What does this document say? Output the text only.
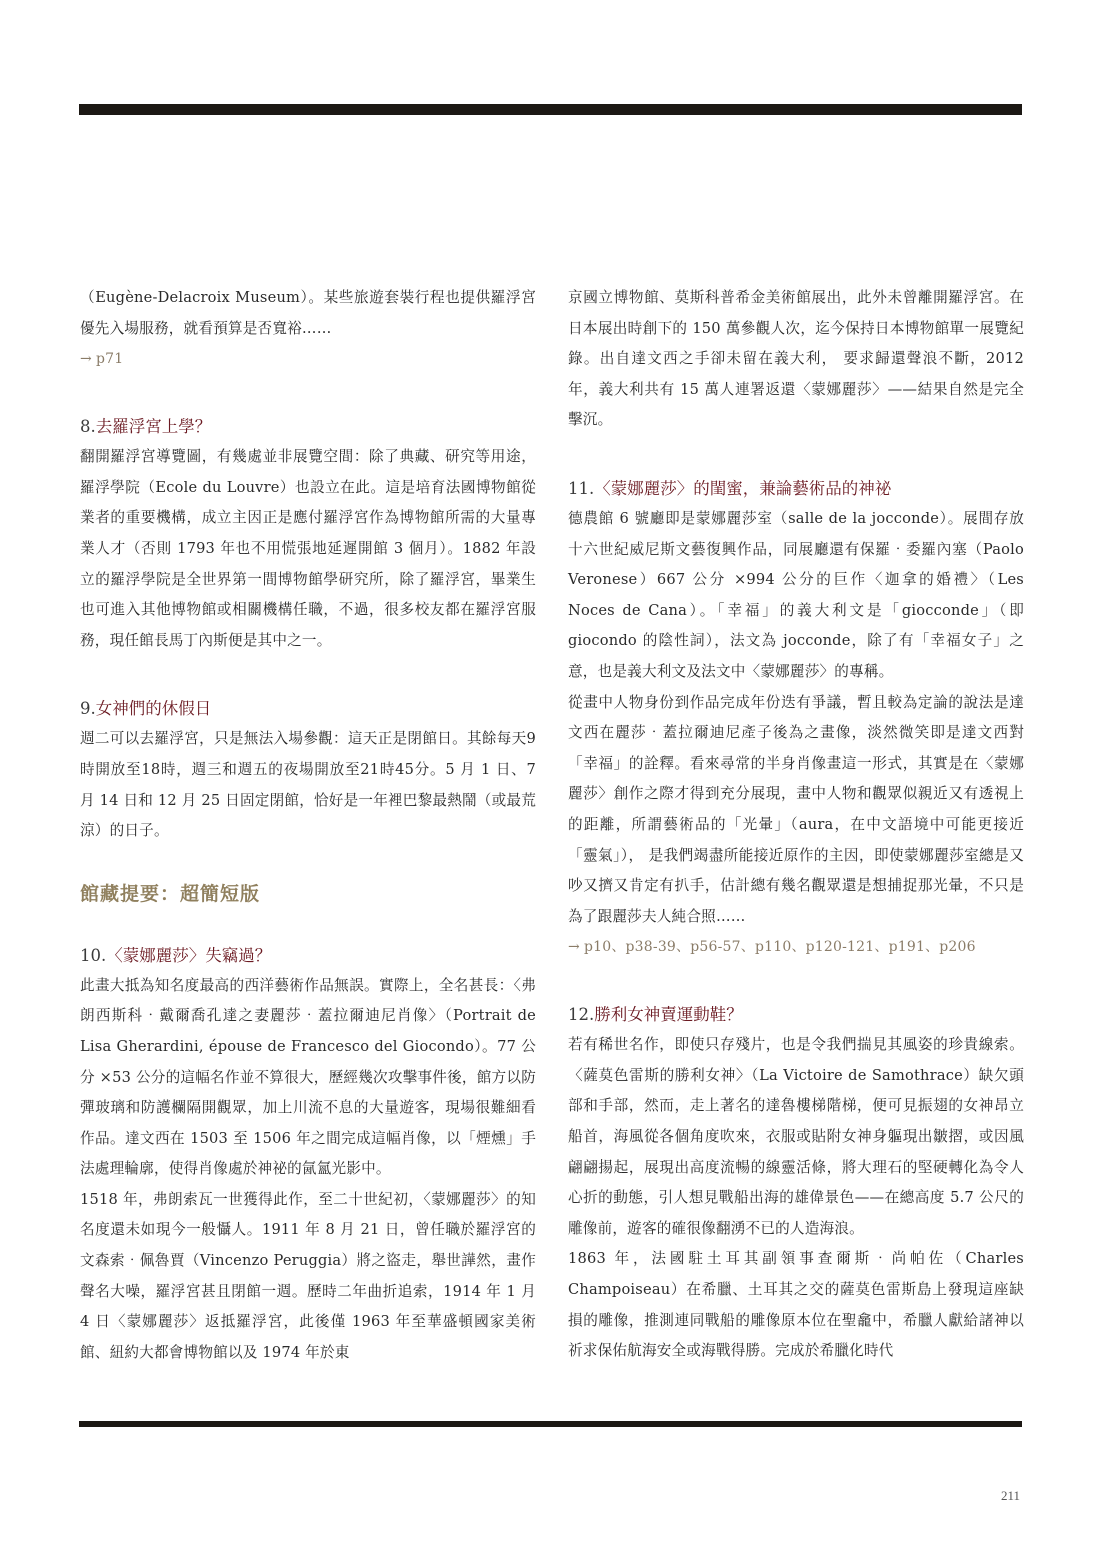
（Eugène-Delacroix Museum）。某些旅遊套裝行程也提供羅浮宮優先入場服務，就看預算是否寬裕……

→ p71

8.去羅浮宮上學？

翻開羅浮宮導覽圖，有幾處並非展覽空間：除了典藏、研究等用途，羅浮學院（Ecole du Louvre）也設立在此。這是培育法國博物館從業者的重要機構，成立主因正是應付羅浮宮作為博物館所需的大量專業人才（否則 1793 年也不用慌張地延遲開館 3 個月）。1882 年設立的羅浮學院是全世界第一間博物館學研究所，除了羅浮宮，畢業生也可進入其他博物館或相關機構任職，不過，很多校友都在羅浮宮服務，現任館長馬丁內斯便是其中之一。

9.女神們的休假日

週二可以去羅浮宮，只是無法入場參觀：這天正是閉館日。其餘每天9時開放至18時，週三和週五的夜場開放至21時45分。5 月 1 日、7 月 14 日和 12 月 25 日固定閉館，恰好是一年裡巴黎最熱鬧（或最荒涼）的日子。

館藏提要：超簡短版
10.〈蒙娜麗莎〉失竊過？

此畫大抵為知名度最高的西洋藝術作品無誤。實際上，全名甚長：〈弗朗西斯科‧戴爾喬孔達之妻麗莎‧蓋拉爾迪尼肖像〉（Portrait de Lisa Gherardini, épouse de Francesco del Giocondo）。77 公分 ×53 公分的這幅名作並不算很大，歷經幾次攻擊事件後，館方以防彈玻璃和防護欄隔開觀眾，加上川流不息的大量遊客，現場很難細看作品。達文西在 1503 至 1506 年之間完成這幅肖像，以「煙燻」手法處理輪廓，使得肖像處於神祕的氤氳光影中。

1518 年，弗朗索瓦一世獲得此作，至二十世紀初，〈蒙娜麗莎〉的知名度還未如現今一般懾人。1911 年 8 月 21 日，曾任職於羅浮宮的文森索‧佩魯賈（Vincenzo Peruggia）將之盜走，舉世譁然，畫作聲名大噪，羅浮宮甚且閉館一週。歷時二年曲折追索，1914 年 1 月 4 日〈蒙娜麗莎〉返抵羅浮宮，此後僅 1963 年至華盛頓國家美術館、紐約大都會博物館以及 1974 年於東

京國立博物館、莫斯科普希金美術館展出，此外未曾離開羅浮宮。在日本展出時創下的 150 萬參觀人次，迄今保持日本博物館單一展覽紀錄。出自達文西之手卻未留在義大利， 要求歸還聲浪不斷，2012 年，義大利共有 15 萬人連署返還〈蒙娜麗莎〉——結果自然是完全擊沉。

11.〈蒙娜麗莎〉的閨蜜，兼論藝術品的神祕

德農館 6 號廳即是蒙娜麗莎室（salle de la jocconde）。展間存放十六世紀威尼斯文藝復興作品，同展廳還有保羅‧委羅內塞（Paolo Veronese）667 公分 ×994 公分的巨作〈迦拿的婚禮〉（Les Noces de Cana）。「幸福」的義大利文是「gioccondе」（即 giocondo 的陰性詞），法文為 joccondе，除了有「幸福女子」之意，也是義大利文及法文中〈蒙娜麗莎〉的專稱。

從畫中人物身份到作品完成年份迭有爭議，暫且較為定論的說法是達文西在麗莎‧蓋拉爾迪尼產子後為之畫像，淡然微笑即是達文西對「幸福」的詮釋。看來尋常的半身肖像畫這一形式，其實是在〈蒙娜麗莎〉創作之際才得到充分展現，畫中人物和觀眾似親近又有透視上的距離，所謂藝術品的「光暈」（aura，在中文語境中可能更接近「靈氣」）， 是我們竭盡所能接近原作的主因，即使蒙娜麗莎室總是又吵又擠又肯定有扒手，估計總有幾名觀眾還是想捕捉那光暈，不只是為了跟麗莎夫人純合照……

→ p10、p38-39、p56-57、p110、p120-121、p191、p206

12.勝利女神賣運動鞋？

若有稀世名作，即使只存殘片，也是令我們揣見其風姿的珍貴線索。〈薩莫色雷斯的勝利女神〉（La Victoire de Samothrace）缺欠頭部和手部，然而，走上著名的達魯樓梯階梯，便可見振翅的女神昂立船首，海風從各個角度吹來，衣服或貼附女神身軀現出皺摺，或因風翩翩揚起，展現出高度流暢的線靈活條，將大理石的堅硬轉化為令人心折的動態，引人想見戰船出海的雄偉景色——在總高度 5.7 公尺的雕像前，遊客的確很像翻湧不已的人造海浪。

1863 年，法國駐土耳其副領事查爾斯‧尚帕佐（Charles Champoiseau）在希臘、土耳其之交的薩莫色雷斯島上發現這座缺損的雕像，推測連同戰船的雕像原本位在聖龕中，希臘人獻給諸神以祈求保佑航海安全或海戰得勝。完成於希臘化時代

211
